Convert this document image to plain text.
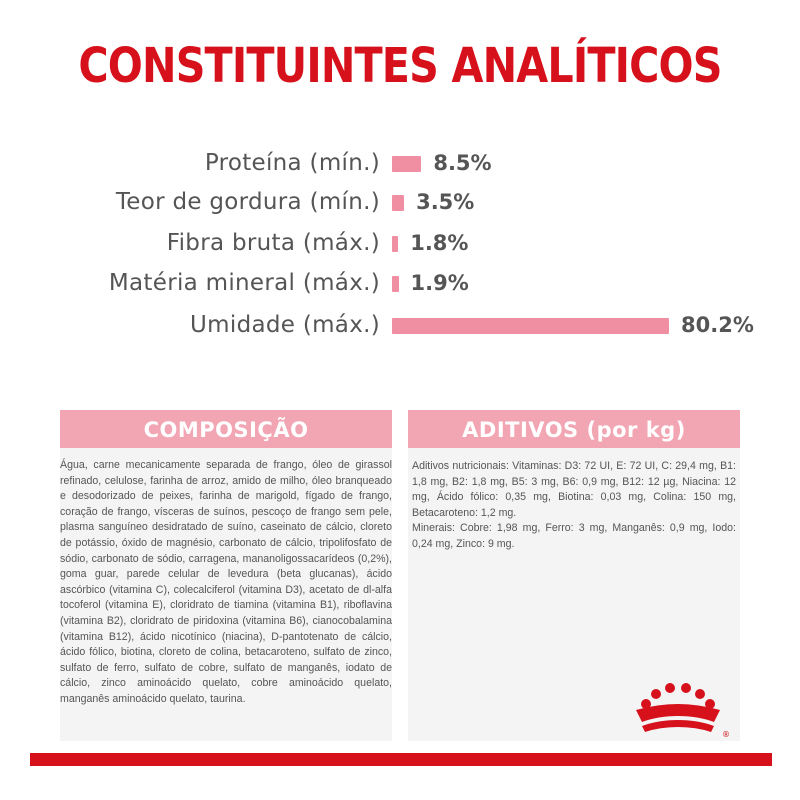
CONSTITUINTES ANALÍTICOS
Proteína (mín.)	8.5%
Teor de gordura (mín.) 3.5%
Fibra bruta (máx.) 1.8%
Matéria mineral (máx.) 1.9%
Umidade (máx.)	80.2%
COMPOSIÇÃO
Água, carne mecanicamente separada de frango, óleo de girassol refinado, celulose, farinha de arroz, amido de milho, óleo branqueado e desodorizado de peixes, farinha de marigold, fígado de frango, coração de frango, vísceras de suínos, pescoço de frango sem pele, plasma sanguíneo desidratado de suíno, caseinato de cálcio, cloreto de potássio, óxido de magnésio, carbonato de cálcio, tripolifosfato de sódio, carbonato de sódio, carragena, mananoligossacarídeos (0,2%), goma guar, parede celular de levedura (beta glucanas), ácido ascórbico (vitamina C), colecalciferol (vitamina D3), acetato de dl-alfa tocoferol (vitamina E), cloridrato de tiamina (vitamina B1), riboflavina (vitamina B2), cloridrato de piridoxina (vitamina B6), cianocobalamina (vitamina B12), ácido nicotínico (niacina), D-pantotenato de cálcio, ácido fólico, biotina, cloreto de colina, betacaroteno, sulfato de zinco, sulfato de ferro, sulfato de cobre, sulfato de manganês, iodato de cálcio, zinco aminoácido quelato, cobre aminoácido quelato, manganês aminoácido quelato, taurina.
ADITIVOS (por kg)
Aditivos nutricionais: Vitaminas: D3: 72 UI, E: 72 UI, C: 29,4 mg, B1: 1,8 mg, B2: 1,8 mg, B5: 3 mg, B6: 0,9 mg, B12: 12 µg, Niacina: 12 mg, Ácido fólico: 0,35 mg, Biotina: 0,03 mg, Colina: 150 mg, Betacaroteno: 1,2 mg.
Minerais: Cobre: 1,98 mg, Ferro: 3 mg, Manganês: 0,9 mg, Iodo: 0,24 mg, Zinco: 9 mg.
®
